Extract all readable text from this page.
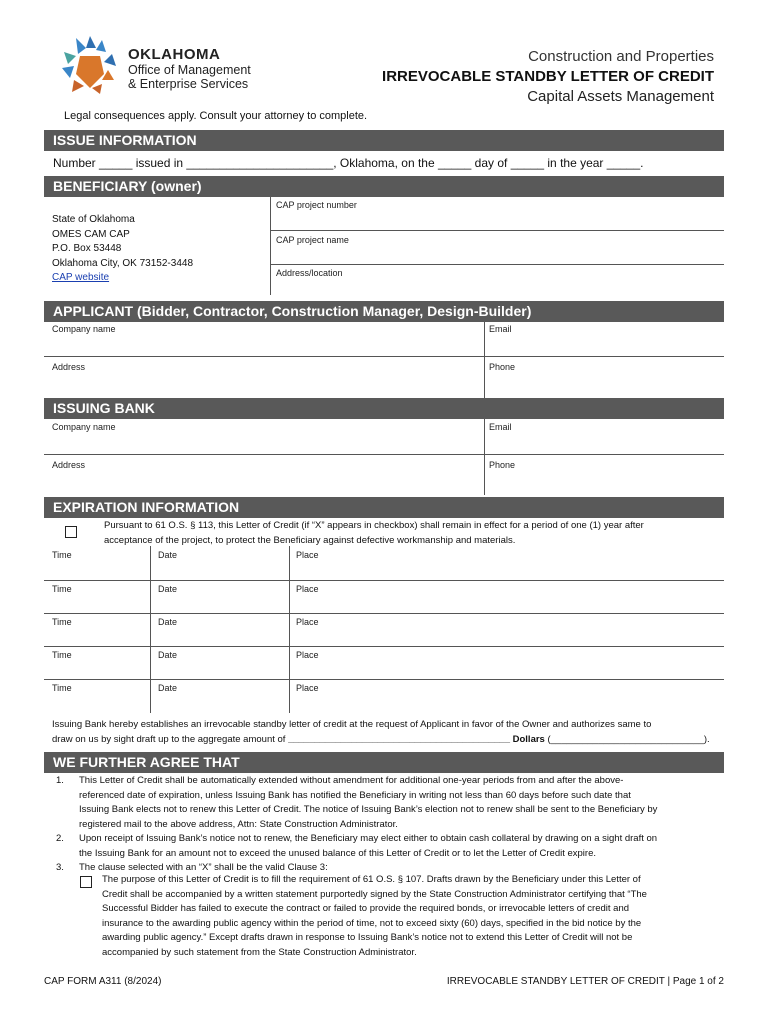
OKLAHOMA
Office of Management
& Enterprise Services
Construction and Properties
IRREVOCABLE STANDBY LETTER OF CREDIT
Capital Assets Management
Legal consequences apply. Consult your attorney to complete.
ISSUE INFORMATION
Number _____ issued in ______________________, Oklahoma, on the _____ day of _____ in the year _____.
BENEFICIARY (owner)
State of Oklahoma
OMES CAM CAP
P.O. Box 53448
Oklahoma City, OK 73152-3448
CAP website
CAP project number
CAP project name
Address/location
APPLICANT (Bidder, Contractor, Construction Manager, Design-Builder)
Company name	Email
Address	Phone
ISSUING BANK
Company name	Email
Address	Phone
EXPIRATION INFORMATION
Pursuant to 61 O.S. § 113, this Letter of Credit (if “X” appears in checkbox) shall remain in effect for a period of one (1) year after
acceptance of the project, to protect the Beneficiary against defective workmanship and materials.
Time	Date	Place
Time	Date	Place
Time	Date	Place
Time	Date	Place
Time	Date	Place
Issuing Bank hereby establishes an irrevocable standby letter of credit at the request of Applicant in favor of the Owner and authorizes same to
draw on us by sight draft up to the aggregate amount of __________________________________________ Dollars (_____________________________).
WE FURTHER AGREE THAT
1.	This Letter of Credit shall be automatically extended without amendment for additional one-year periods from and after the above-
referenced date of expiration, unless Issuing Bank has notified the Beneficiary in writing not less than 60 days before such date that
Issuing Bank elects not to renew this Letter of Credit. The notice of Issuing Bank’s election not to renew shall be sent to the Beneficiary by
registered mail to the above address, Attn: State Construction Administrator.
2.	Upon receipt of Issuing Bank’s notice not to renew, the Beneficiary may elect either to obtain cash collateral by drawing on a sight draft on
the Issuing Bank for an amount not to exceed the unused balance of this Letter of Credit or to let the Letter of Credit expire.
3.	The clause selected with an “X” shall be the valid Clause 3:
The purpose of this Letter of Credit is to fill the requirement of 61 O.S. § 107. Drafts drawn by the Beneficiary under this Letter of
Credit shall be accompanied by a written statement purportedly signed by the State Construction Administrator certifying that “The
Successful Bidder has failed to execute the contract or failed to provide the required bonds, or irrevocable letters of credit and
insurance to the awarding public agency within the period of time, not to exceed sixty (60) days, specified in the bid notice by the
awarding public agency.” Except drafts drawn in response to Issuing Bank’s notice not to extend this Letter of Credit will not be
accompanied by such statement from the State Construction Administrator.
CAP FORM A311 (8/2024)	IRREVOCABLE STANDBY LETTER OF CREDIT | Page 1 of 2
